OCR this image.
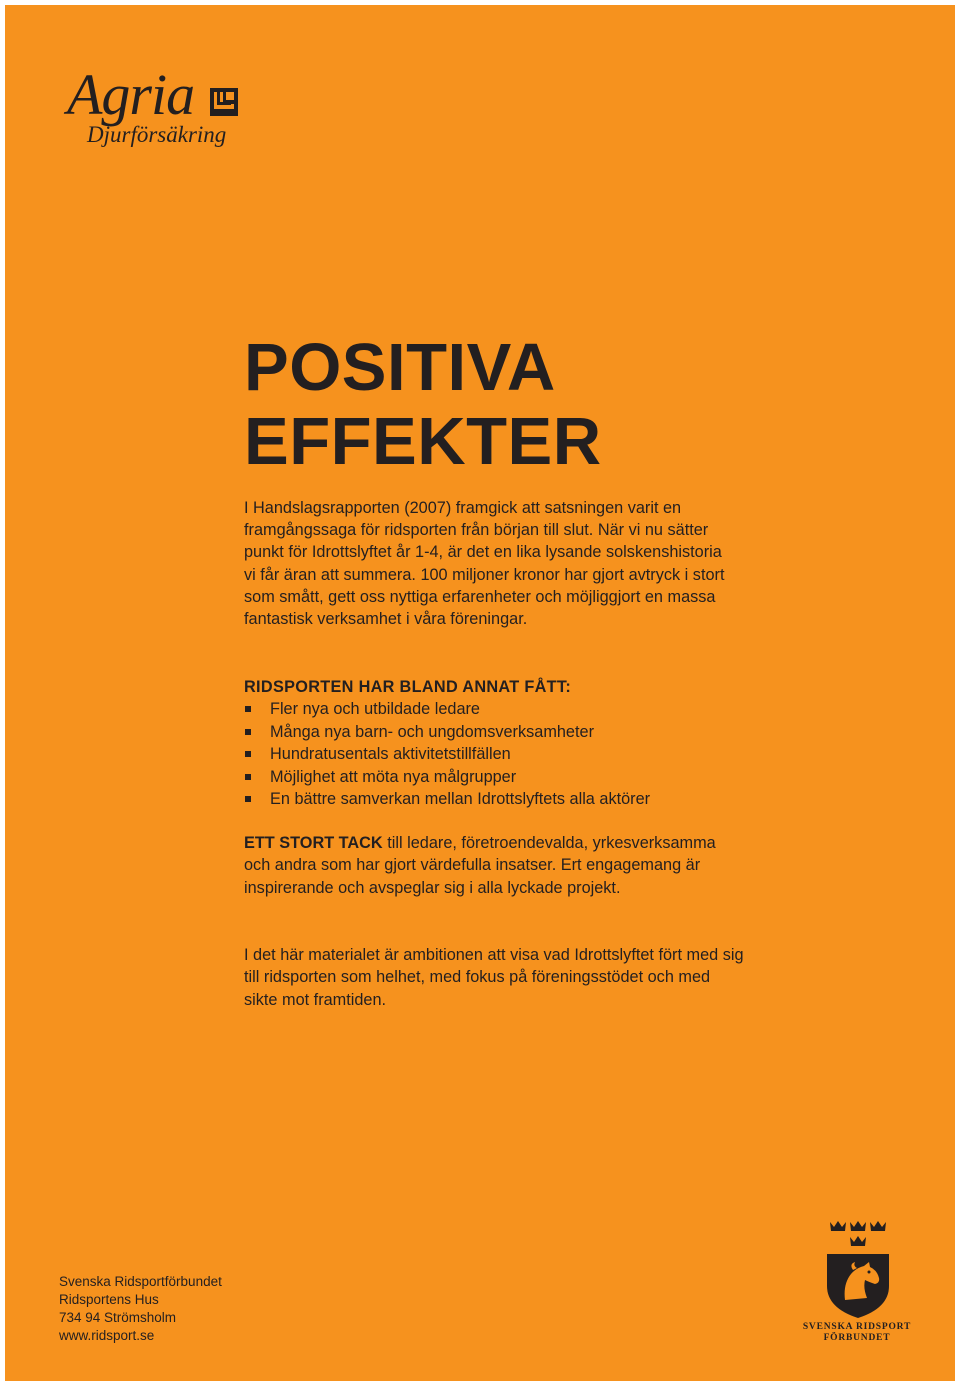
Agria
Djurförsäkring
POSITIVA
EFFEKTER

I Handslagsrapporten (2007) framgick att satsningen varit en framgångssaga för ridsporten från början till slut. När vi nu sätter punkt för Idrottslyftet år 1-4, är det en lika lysande solskenshistoria vi får äran att summera. 100 miljoner kronor har gjort avtryck i stort som smått, gett oss nyttiga erfarenheter och möjliggjort en massa fantastisk verksamhet i våra föreningar.

RIDSPORTEN HAR BLAND ANNAT FÅTT:
Fler nya och utbildade ledare
Många nya barn- och ungdomsverksamheter
Hundratusentals aktivitetstillfällen
Möjlighet att möta nya målgrupper
En bättre samverkan mellan Idrottslyftets alla aktörer

ETT STORT TACK till ledare, företroendevalda, yrkesverksamma och andra som har gjort värdefulla insatser. Ert engagemang är inspirerande och avspeglar sig i alla lyckade projekt.

I det här materialet är ambitionen att visa vad Idrottslyftet fört med sig till ridsporten som helhet, med fokus på föreningsstödet och med sikte mot framtiden.

Svenska Ridsportförbundet
Ridsportens Hus
734 94 Strömsholm
www.ridsport.se
SVENSKA RIDSPORT
FÖRBUNDET
